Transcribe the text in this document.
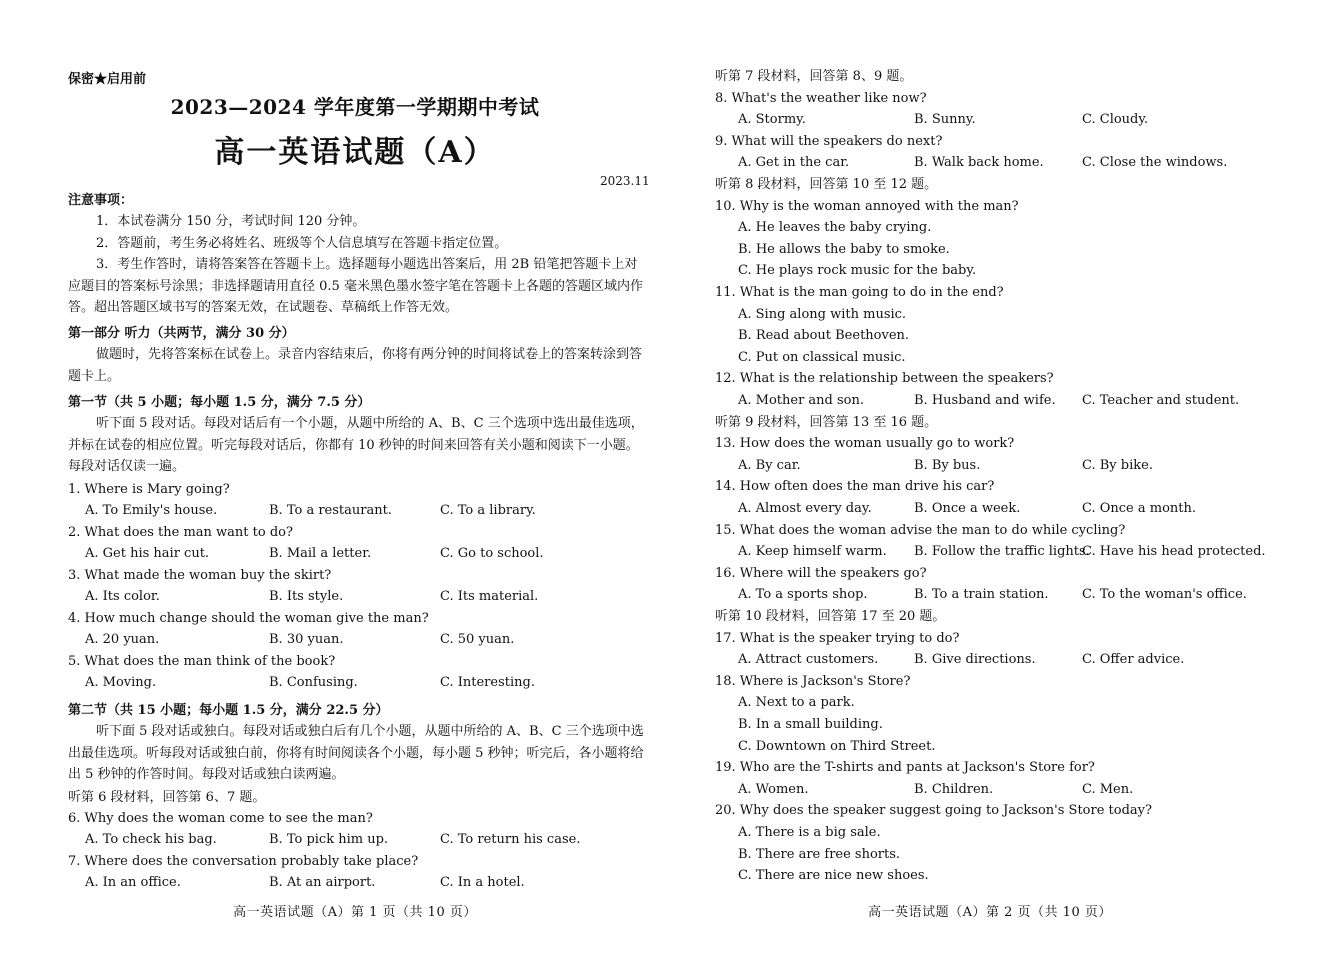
保密★启用前
2023—2024 学年度第一学期期中考试
高一英语试题（A）
2023.11
注意事项：
1．本试卷满分 150 分，考试时间 120 分钟。
2．答题前，考生务必将姓名、班级等个人信息填写在答题卡指定位置。
3．考生作答时，请将答案答在答题卡上。选择题每小题选出答案后，用 2B 铅笔把答题卡上对应题目的答案标号涂黑；非选择题请用直径 0.5 毫米黑色墨水签字笔在答题卡上各题的答题区域内作答。超出答题区域书写的答案无效，在试题卷、草稿纸上作答无效。
第一部分 听力（共两节，满分 30 分）
做题时，先将答案标在试卷上。录音内容结束后，你将有两分钟的时间将试卷上的答案转涂到答题卡上。
第一节（共 5 小题；每小题 1.5 分，满分 7.5 分）
听下面 5 段对话。每段对话后有一个小题，从题中所给的 A、B、C 三个选项中选出最佳选项，并标在试卷的相应位置。听完每段对话后，你都有 10 秒钟的时间来回答有关小题和阅读下一小题。每段对话仅读一遍。
1. Where is Mary going?
A. To Emily's house.	B. To a restaurant.	C. To a library.
2. What does the man want to do?
A. Get his hair cut.	B. Mail a letter.	C. Go to school.
3. What made the woman buy the skirt?
A. Its color.	B. Its style.	C. Its material.
4. How much change should the woman give the man?
A. 20 yuan.	B. 30 yuan.	C. 50 yuan.
5. What does the man think of the book?
A. Moving.	B. Confusing.	C. Interesting.
第二节（共 15 小题；每小题 1.5 分，满分 22.5 分）
听下面 5 段对话或独白。每段对话或独白后有几个小题，从题中所给的 A、B、C 三个选项中选出最佳选项。听每段对话或独白前，你将有时间阅读各个小题，每小题 5 秒钟；听完后，各小题将给出 5 秒钟的作答时间。每段对话或独白读两遍。
听第 6 段材料，回答第 6、7 题。
6. Why does the woman come to see the man?
A. To check his bag.	B. To pick him up.	C. To return his case.
7. Where does the conversation probably take place?
A. In an office.	B. At an airport.	C. In a hotel.
高一英语试题（A）第 1 页（共 10 页）
听第 7 段材料，回答第 8、9 题。
8. What's the weather like now?
A. Stormy.	B. Sunny.	C. Cloudy.
9. What will the speakers do next?
A. Get in the car.	B. Walk back home.	C. Close the windows.
听第 8 段材料，回答第 10 至 12 题。
10. Why is the woman annoyed with the man?
A. He leaves the baby crying.
B. He allows the baby to smoke.
C. He plays rock music for the baby.
11. What is the man going to do in the end?
A. Sing along with music.
B. Read about Beethoven.
C. Put on classical music.
12. What is the relationship between the speakers?
A. Mother and son.	B. Husband and wife. C. Teacher and student.
听第 9 段材料，回答第 13 至 16 题。
13. How does the woman usually go to work?
A. By car.	B. By bus.	C. By bike.
14. How often does the man drive his car?
A. Almost every day.	B. Once a week.	C. Once a month.
15. What does the woman advise the man to do while cycling?
A. Keep himself warm. B. Follow the traffic lights.
C. Have his head protected.
16. Where will the speakers go?
A. To a sports shop.	B. To a train station.	C. To the woman's office.
听第 10 段材料，回答第 17 至 20 题。
17. What is the speaker trying to do?
A. Attract customers.	B. Give directions.	C. Offer advice.
18. Where is Jackson's Store?
A. Next to a park.
B. In a small building.
C. Downtown on Third Street.
19. Who are the T-shirts and pants at Jackson's Store for?
A. Women.	B. Children.	C. Men.
20. Why does the speaker suggest going to Jackson's Store today?
A. There is a big sale.
B. There are free shorts.
C. There are nice new shoes.
高一英语试题（A）第 2 页（共 10 页）
